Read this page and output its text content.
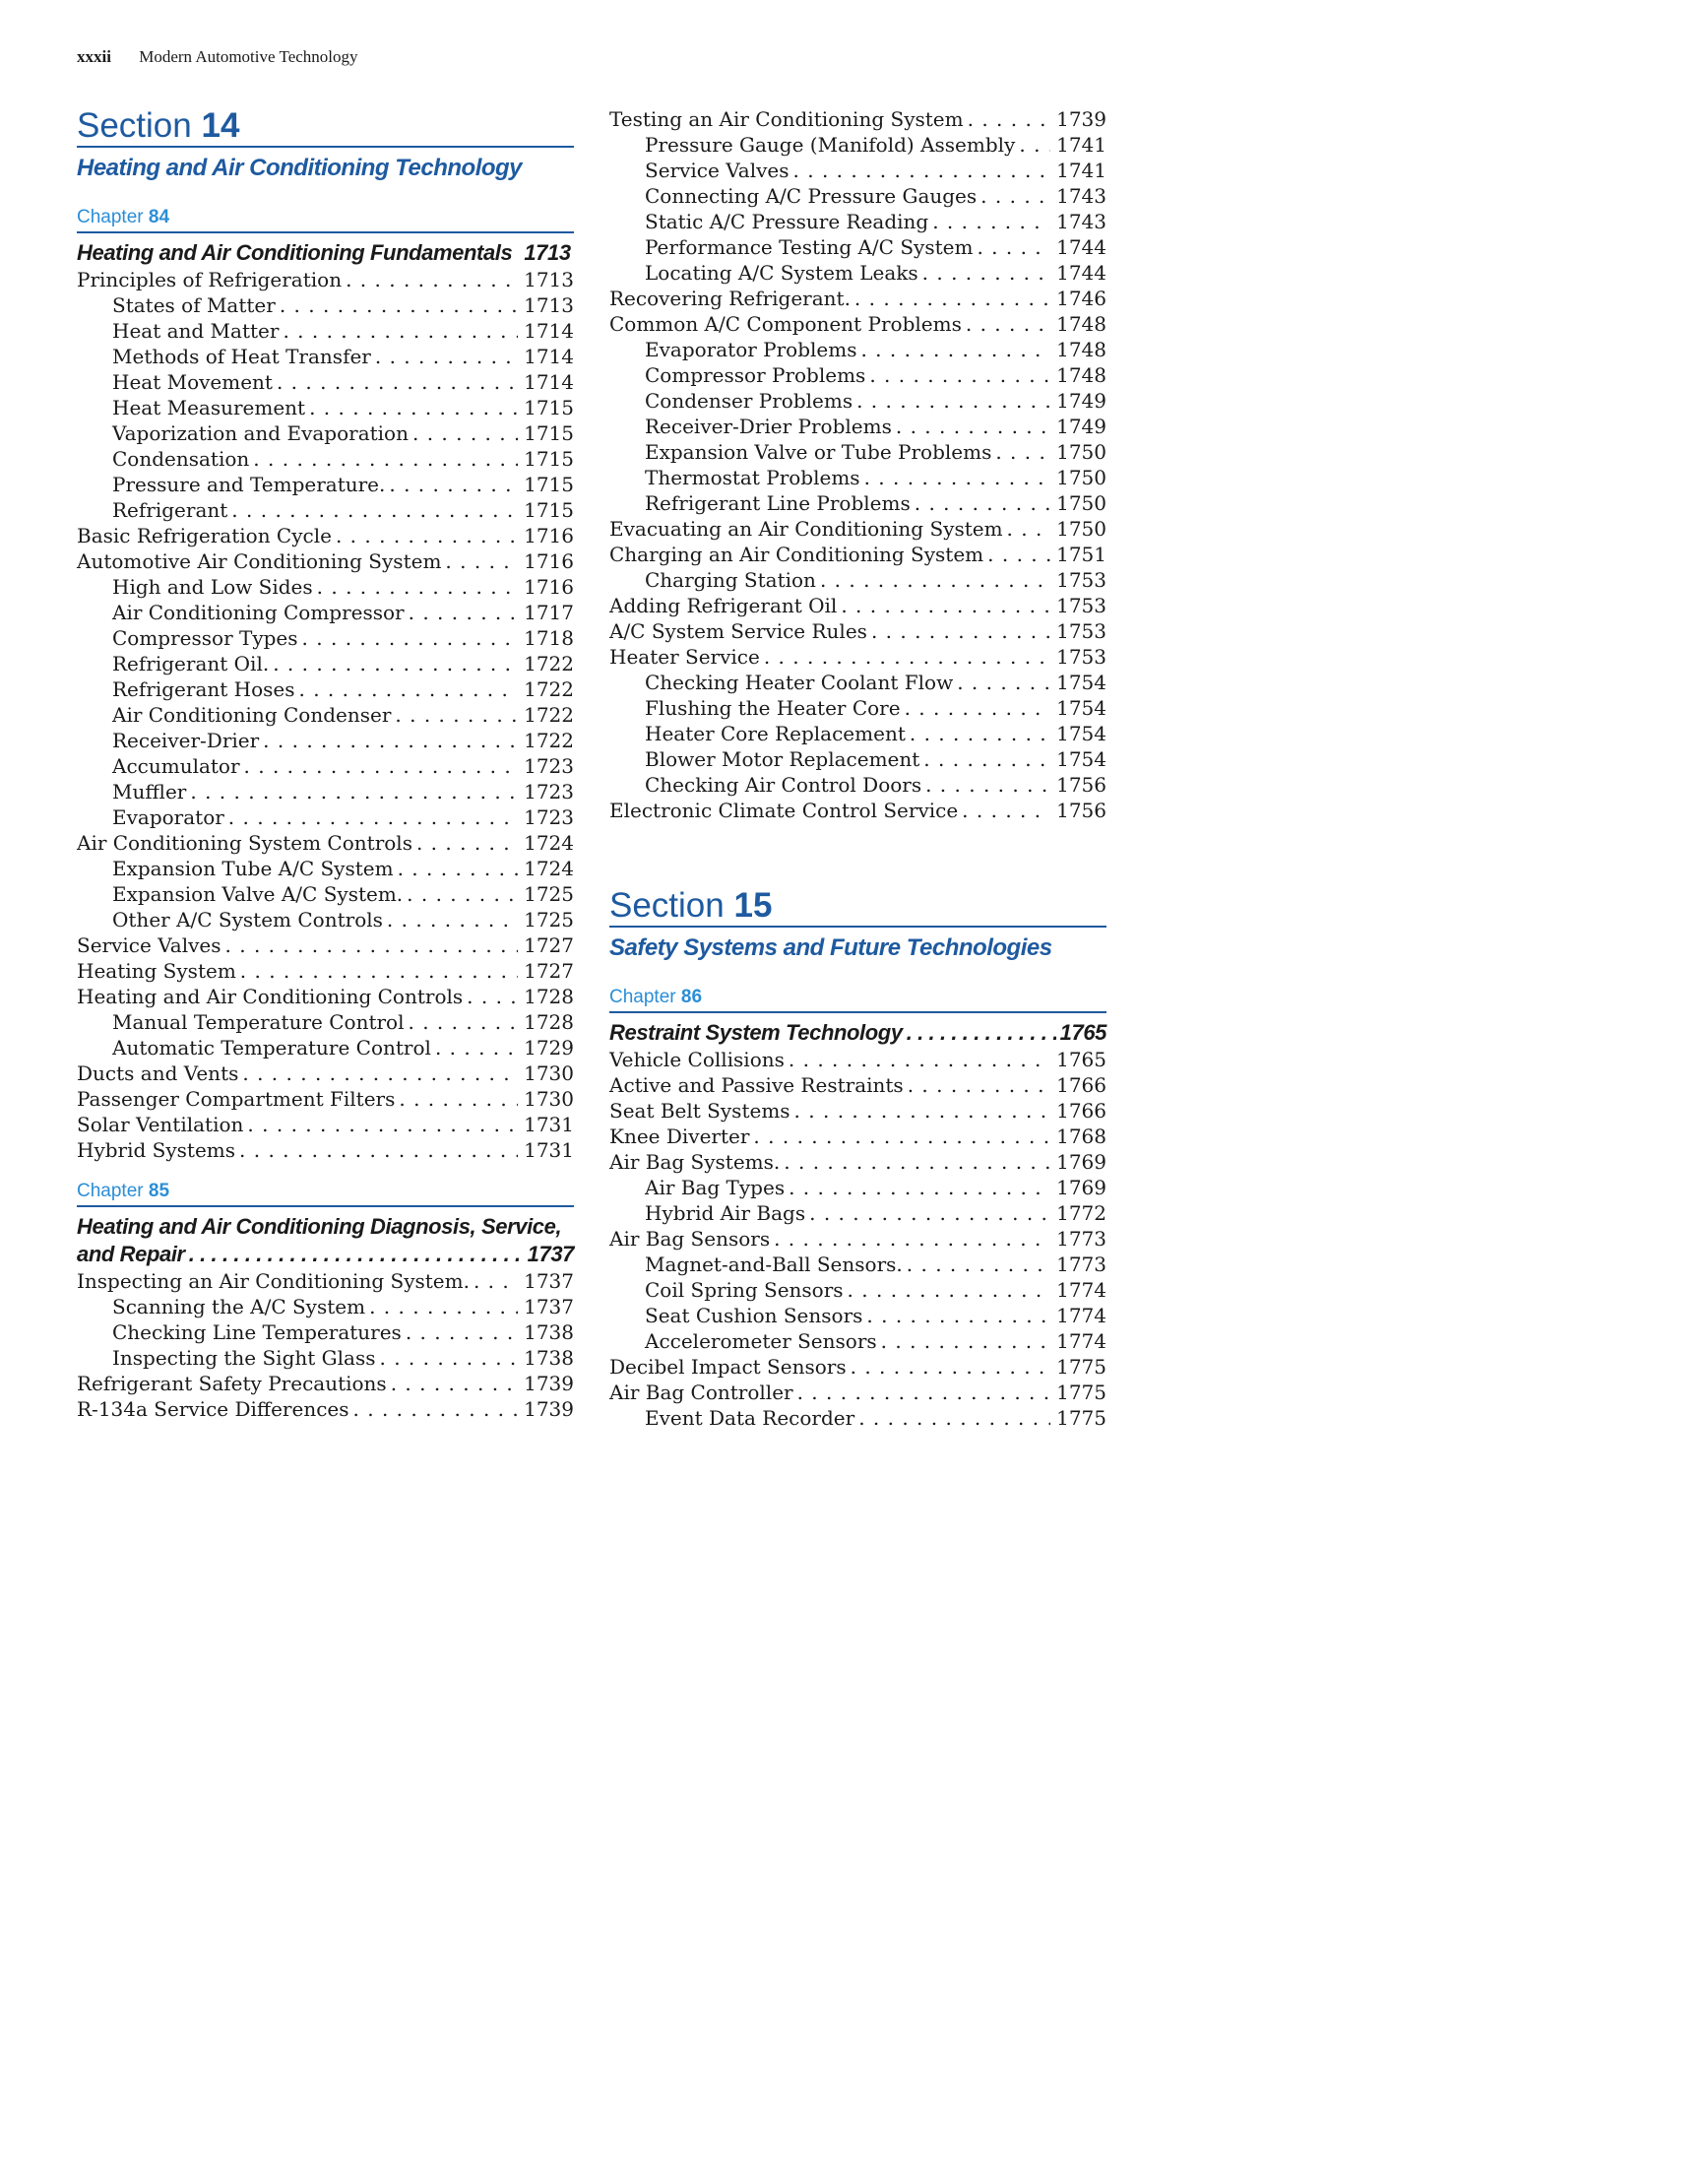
xxxii Modern Automotive Technology
Section 14
Heating and Air Conditioning Technology
Chapter 84
Heating and Air Conditioning Fundamentals 1713
Principles of Refrigeration . . .	1713
States of Matter . . .	1713
Heat and Matter . . .	1714
Methods of Heat Transfer . . .	1714
Heat Movement . . .	1714
Heat Measurement . . .	1715
Vaporization and Evaporation . . .	1715
Condensation . . .	1715
Pressure and Temperature. . . .	1715
Refrigerant . . .	1715
Basic Refrigeration Cycle . . .	1716
Automotive Air Conditioning System . . .	1716
High and Low Sides . . .	1716
Air Conditioning Compressor . . .	1717
Compressor Types . . .	1718
Refrigerant Oil. . . .	1722
Refrigerant Hoses . . .	1722
Air Conditioning Condenser . . .	1722
Receiver-Drier . . .	1722
Accumulator . . .	1723
Muffler . . .	1723
Evaporator . . .	1723
Air Conditioning System Controls . . .	1724
Expansion Tube A/C System . . .	1724
Expansion Valve A/C System. . . .	1725
Other A/C System Controls . . .	1725
Service Valves . . .	1727
Heating System . . .	1727
Heating and Air Conditioning Controls . . .	1728
Manual Temperature Control . . .	1728
Automatic Temperature Control . . .	1729
Ducts and Vents . . .	1730
Passenger Compartment Filters . . .	1730
Solar Ventilation . . .	1731
Hybrid Systems . . .	1731
Chapter 85
Heating and Air Conditioning Diagnosis, Service,
and Repair . . .	1737
Inspecting an Air Conditioning System. . . .	1737
Scanning the A/C System . . .	1737
Checking Line Temperatures . . .	1738
Inspecting the Sight Glass . . .	1738
Refrigerant Safety Precautions . . .	1739
R-134a Service Differences . . .	1739
Testing an Air Conditioning System . . .	1739
Pressure Gauge (Manifold) Assembly . . . 1741
Service Valves . . .	1741
Connecting A/C Pressure Gauges . . .	1743
Static A/C Pressure Reading . . .	1743
Performance Testing A/C System . . .	1744
Locating A/C System Leaks . . .	1744
Recovering Refrigerant. . . .	1746
Common A/C Component Problems . . .	1748
Evaporator Problems . . .	1748
Compressor Problems . . .	1748
Condenser Problems . . .	1749
Receiver-Drier Problems . . .	1749
Expansion Valve or Tube Problems . . .	1750
Thermostat Problems . . .	1750
Refrigerant Line Problems . . .	1750
Evacuating an Air Conditioning System . . .	1750
Charging an Air Conditioning System . . .	1751
Charging Station . . .	1753
Adding Refrigerant Oil . . .	1753
A/C System Service Rules . . .	1753
Heater Service . . .	1753
Checking Heater Coolant Flow . . .	1754
Flushing the Heater Core . . .	1754
Heater Core Replacement . . .	1754
Blower Motor Replacement . . .	1754
Checking Air Control Doors . . .	1756
Electronic Climate Control Service . . .	1756
Section 15
Safety Systems and Future Technologies
Chapter 86
Restraint System Technology . . .	1765
Vehicle Collisions . . .	1765
Active and Passive Restraints . . .	1766
Seat Belt Systems . . .	1766
Knee Diverter . . .	1768
Air Bag Systems. . . .	1769
Air Bag Types . . .	1769
Hybrid Air Bags . . .	1772
Air Bag Sensors . . .	1773
Magnet-and-Ball Sensors. . . .	1773
Coil Spring Sensors . . .	1774
Seat Cushion Sensors . . .	1774
Accelerometer Sensors . . .	1774
Decibel Impact Sensors . . .	1775
Air Bag Controller . . .	1775
Event Data Recorder . . .	1775
